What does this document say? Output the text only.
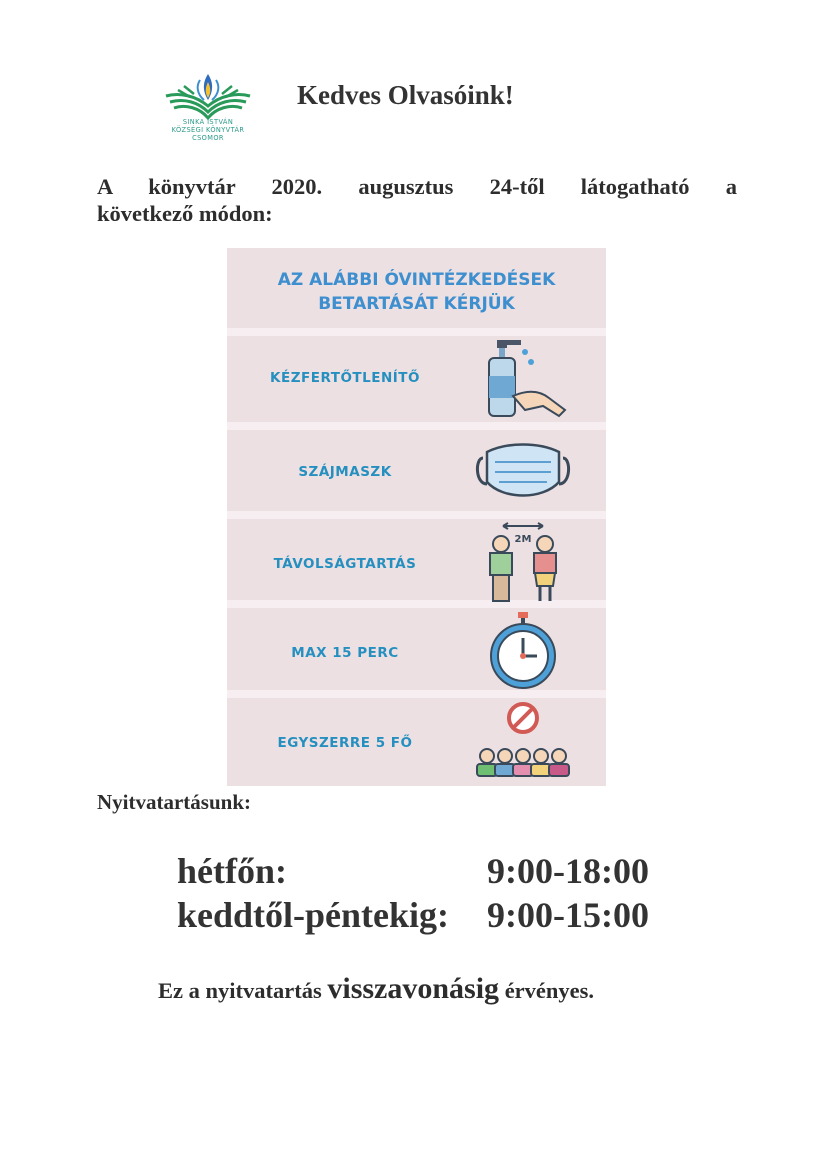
SINKA ISTVÁN
KÖZSÉGI KÖNYVTÁR
CSOMOR
Kedves Olvasóink!
A könyvtár 2020. augusztus 24-től látogatható a
következő módon:
AZ ALÁBBI ÓVINTÉZKEDÉSEK
BETARTÁSÁT KÉRJÜK
KÉZFERTŐTLENÍTŐ
SZÁJMASZK
TÁVOLSÁGTARTÁS
2M
MAX 15 PERC
EGYSZERRE 5 FŐ
Nyitvatartásunk:
hétfőn:	9:00-18:00
keddtől-péntekig: 9:00-15:00
Ez a nyitvatartás visszavonásig érvényes.
